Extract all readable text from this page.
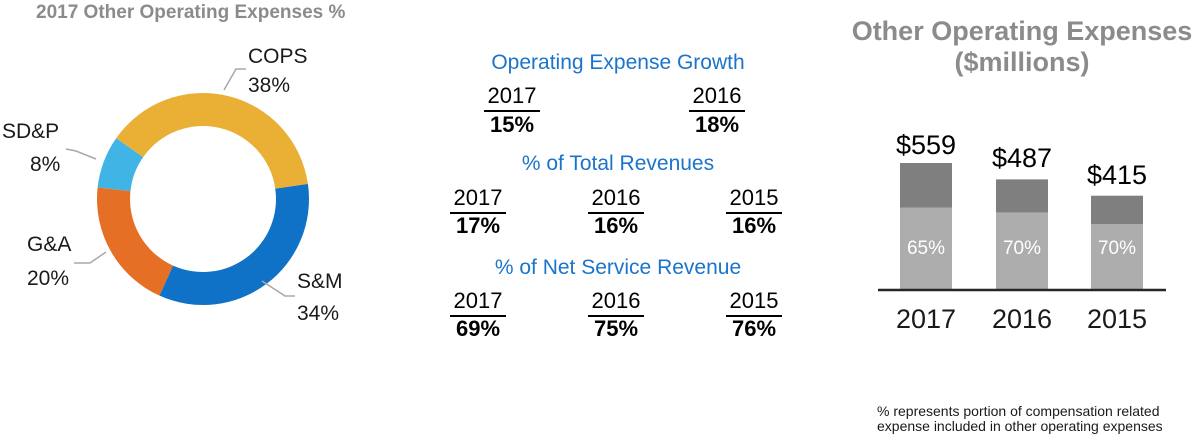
2017 Other Operating Expenses %
COPS
38%
SD&P
8%
G&A
20%	S&M
34%
Operating Expense Growth
2017	2016
15%	18%
% of Total Revenues
2017	2016	2015
17%	16%	16%
% of Net Service Revenue
2017	2016	2015
69%	75%	76%
Other Operating Expenses
($millions)
$559	$487
$415
65%	70%	70%
2017	2016	2015
% represents portion of compensation related
expense included in other operating expenses
